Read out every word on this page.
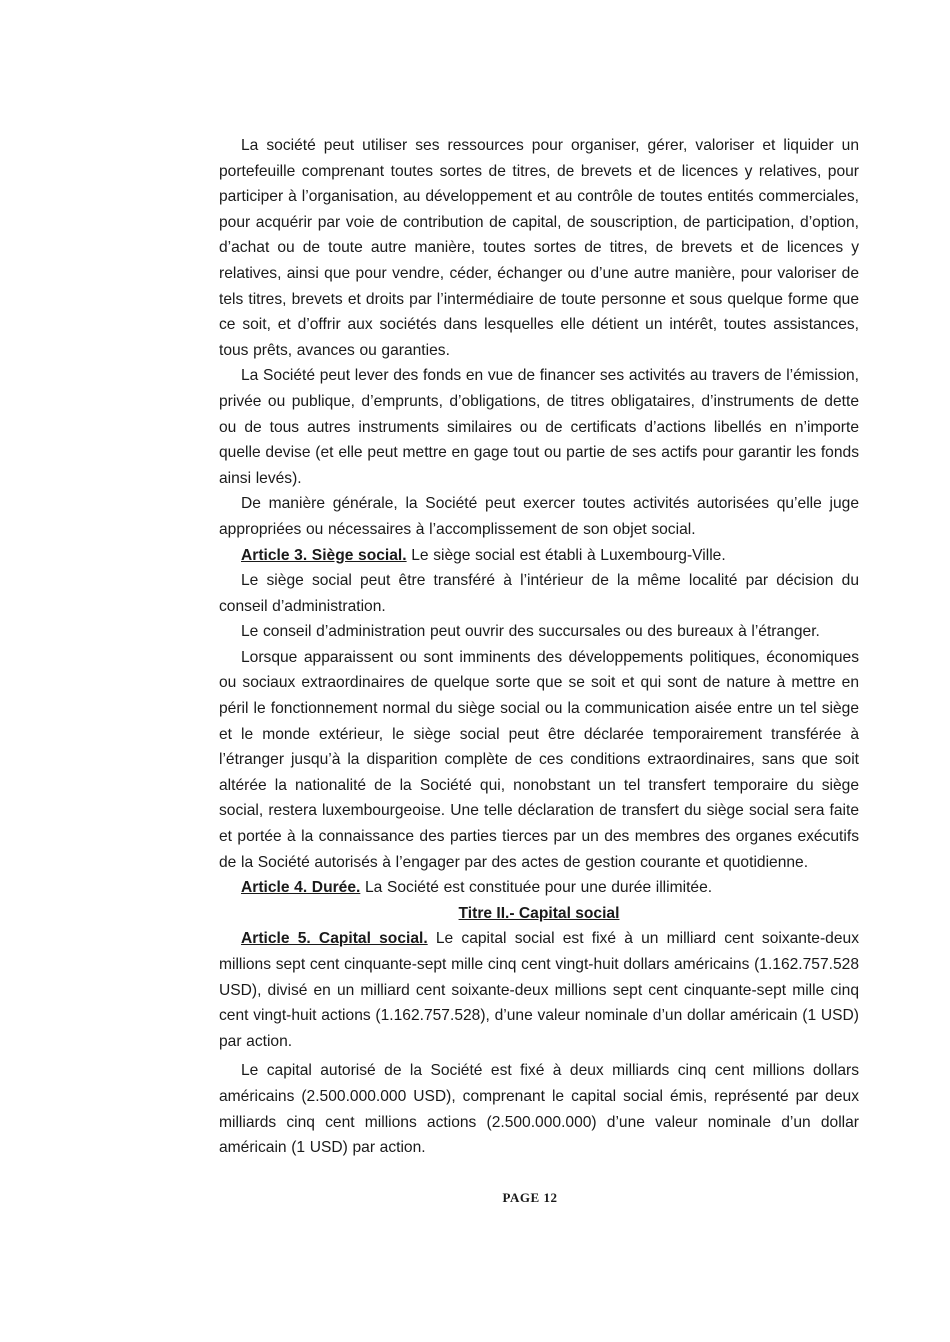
La société peut utiliser ses ressources pour organiser, gérer, valoriser et liquider un portefeuille comprenant toutes sortes de titres, de brevets et de licences y relatives, pour participer à l’organisation, au développement et au contrôle de toutes entités commerciales, pour acquérir par voie de contribution de capital, de souscription, de participation, d’option, d’achat ou de toute autre manière, toutes sortes de titres, de brevets et de licences y relatives, ainsi que pour vendre, céder, échanger ou d’une autre manière, pour valoriser de tels titres, brevets et droits par l’intermédiaire de toute personne et sous quelque forme que ce soit, et d’offrir aux sociétés dans lesquelles elle détient un intérêt, toutes assistances, tous prêts, avances ou garanties.

La Société peut lever des fonds en vue de financer ses activités au travers de l’émission, privée ou publique, d’emprunts, d’obligations, de titres obligataires, d’instruments de dette ou de tous autres instruments similaires ou de certificats d’actions libellés en n’importe quelle devise (et elle peut mettre en gage tout ou partie de ses actifs pour garantir les fonds ainsi levés).

De manière générale, la Société peut exercer toutes activités autorisées qu’elle juge appropriées ou nécessaires à l’accomplissement de son objet social.

Article 3. Siège social. Le siège social est établi à Luxembourg-Ville.

Le siège social peut être transféré à l’intérieur de la même localité par décision du conseil d’administration.

Le conseil d’administration peut ouvrir des succursales ou des bureaux à l’étranger.

Lorsque apparaissent ou sont imminents des développements politiques, économiques ou sociaux extraordinaires de quelque sorte que se soit et qui sont de nature à mettre en péril le fonctionnement normal du siège social ou la communication aisée entre un tel siège et le monde extérieur, le siège social peut être déclarée temporairement transférée à l’étranger jusqu’à la disparition complète de ces conditions extraordinaires, sans que soit altérée la nationalité de la Société qui, nonobstant un tel transfert temporaire du siège social, restera luxembourgeoise. Une telle déclaration de transfert du siège social sera faite et portée à la connaissance des parties tierces par un des membres des organes exécutifs de la Société autorisés à l’engager par des actes de gestion courante et quotidienne.

Article 4. Durée. La Société est constituée pour une durée illimitée.

Titre II.- Capital social

Article 5. Capital social. Le capital social est fixé à un milliard cent soixante-deux millions sept cent cinquante-sept mille cinq cent vingt-huit dollars américains (1.162.757.528 USD), divisé en un milliard cent soixante-deux millions sept cent cinquante-sept mille cinq cent vingt-huit actions (1.162.757.528), d’une valeur nominale d’un dollar américain (1 USD) par action.

Le capital autorisé de la Société est fixé à deux milliards cinq cent millions dollars américains (2.500.000.000 USD), comprenant le capital social émis, représenté par deux milliards cinq cent millions actions (2.500.000.000) d’une valeur nominale d’un dollar américain (1 USD) par action.

PAGE 12
